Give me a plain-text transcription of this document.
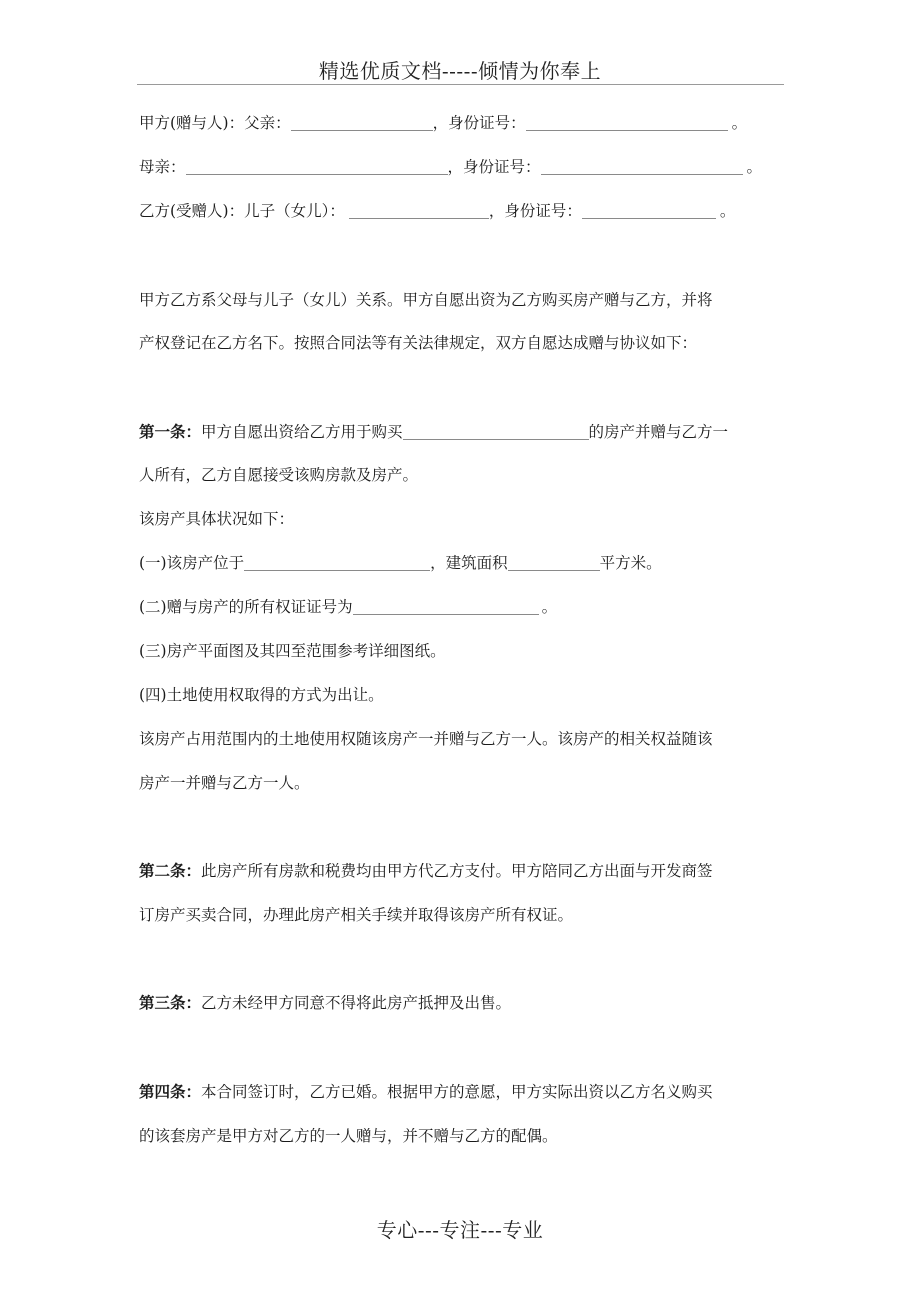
精选优质文档-----倾情为你奉上
甲方(赠与人)：父亲：	，身份证号：	。
母亲：	，身份证号：	。
乙方(受赠人)：儿子（女儿）：	，身份证号：	。
甲方乙方系父母与儿子（女儿）关系。甲方自愿出资为乙方购买房产赠与乙方，并将
产权登记在乙方名下。按照合同法等有关法律规定，双方自愿达成赠与协议如下：
第一条：甲方自愿出资给乙方用于购买	的房产并赠与乙方一
人所有，乙方自愿接受该购房款及房产。
该房产具体状况如下：
(一)该房产位于	，建筑面积	平方米。
(二)赠与房产的所有权证证号为	。
(三)房产平面图及其四至范围参考详细图纸。
(四)土地使用权取得的方式为出让。
该房产占用范围内的土地使用权随该房产一并赠与乙方一人。该房产的相关权益随该
房产一并赠与乙方一人。
第二条：此房产所有房款和税费均由甲方代乙方支付。甲方陪同乙方出面与开发商签
订房产买卖合同，办理此房产相关手续并取得该房产所有权证。
第三条：乙方未经甲方同意不得将此房产抵押及出售。
第四条：本合同签订时，乙方已婚。根据甲方的意愿，甲方实际出资以乙方名义购买
的该套房产是甲方对乙方的一人赠与，并不赠与乙方的配偶。
专心---专注---专业
